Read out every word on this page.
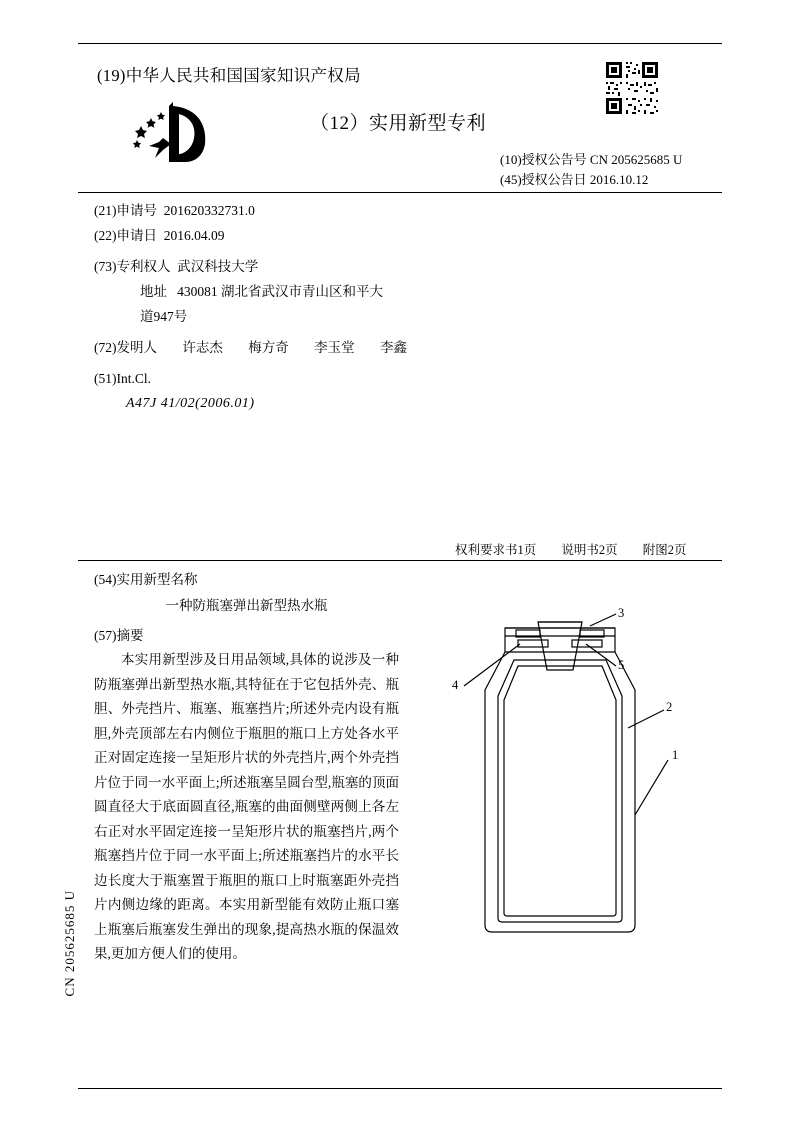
(19)中华人民共和国国家知识产权局
（12）实用新型专利
(10)授权公告号 CN 205625685 U
(45)授权公告日 2016.10.12
(21)申请号 201620332731.0
(22)申请日 2016.04.09
(73)专利权人 武汉科技大学
地址 430081 湖北省武汉市青山区和平大
道947号
(72)发明人 许志杰 梅方奇 李玉堂 李鑫
(51)Int.Cl.
A47J 41/02(2006.01)
权利要求书1页 说明书2页 附图2页
(54)实用新型名称
一种防瓶塞弹出新型热水瓶
(57)摘要
本实用新型涉及日用品领域,具体的说涉及一种防瓶塞弹出新型热水瓶,其特征在于它包括外壳、瓶胆、外壳挡片、瓶塞、瓶塞挡片;所述外壳内设有瓶胆,外壳顶部左右内侧位于瓶胆的瓶口上方处各水平正对固定连接一呈矩形片状的外壳挡片,两个外壳挡片位于同一水平面上;所述瓶塞呈圆台型,瓶塞的顶面圆直径大于底面圆直径,瓶塞的曲面侧壁两侧上各左右正对水平固定连接一呈矩形片状的瓶塞挡片,两个瓶塞挡片位于同一水平面上;所述瓶塞挡片的水平长边长度大于瓶塞置于瓶胆的瓶口上时瓶塞距外壳挡片内侧边缘的距离。本实用新型能有效防止瓶口塞上瓶塞后瓶塞发生弹出的现象,提高热水瓶的保温效果,更加方便人们的使用。
CN 205625685 U
1
2
3
4
5
